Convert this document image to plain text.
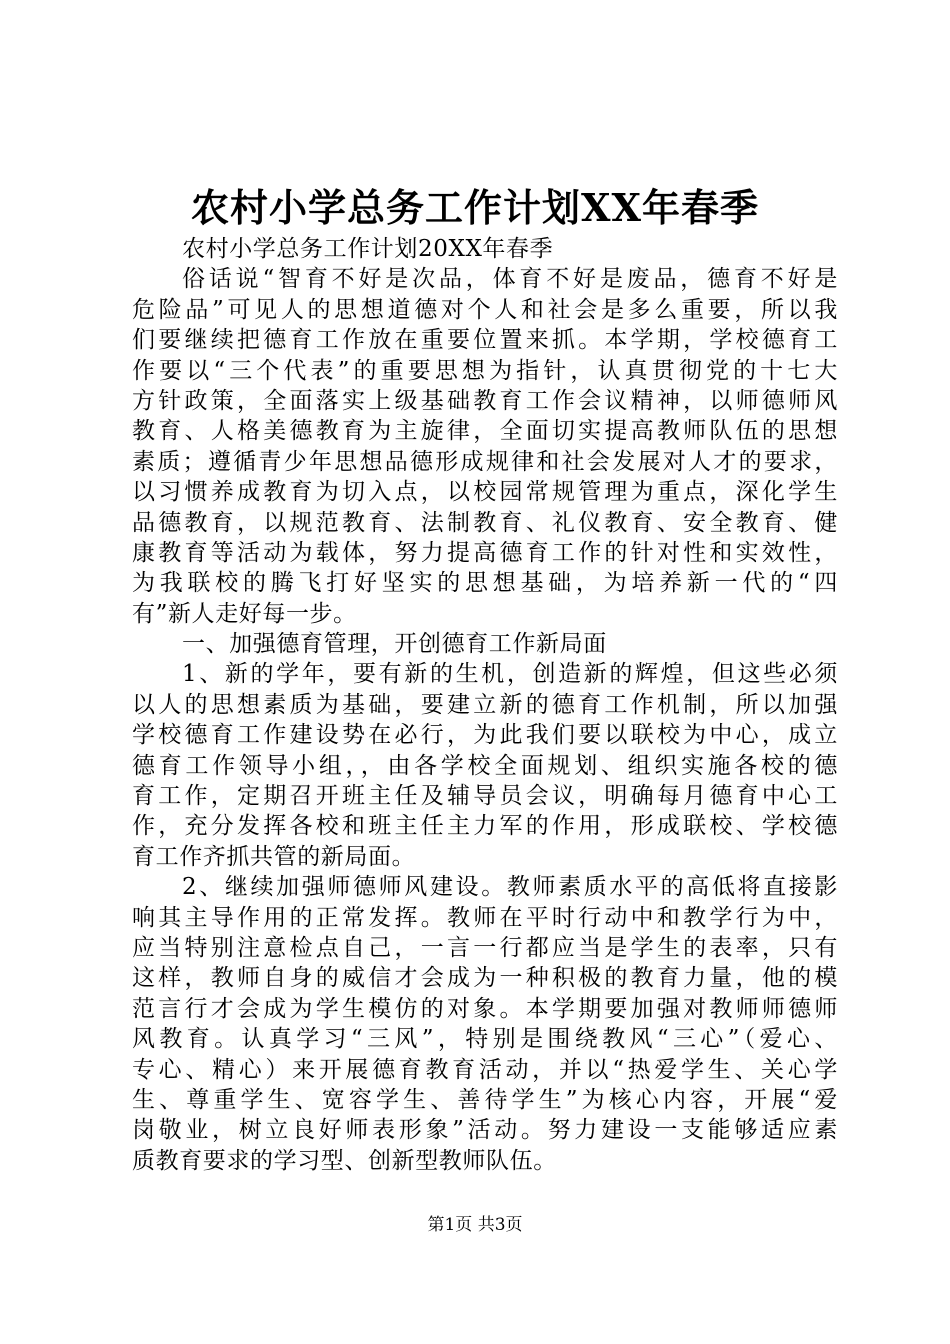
农村小学总务工作计划XX年春季
农村小学总务工作计划20XX年春季
俗话说“智育不好是次品，体育不好是废品，德育不好是
危险品”可见人的思想道德对个人和社会是多么重要，所以我
们要继续把德育工作放在重要位置来抓。本学期，学校德育工
作要以“三个代表”的重要思想为指针，认真贯彻党的十七大
方针政策，全面落实上级基础教育工作会议精神，以师德师风
教育、人格美德教育为主旋律，全面切实提高教师队伍的思想
素质；遵循青少年思想品德形成规律和社会发展对人才的要求，
以习惯养成教育为切入点，以校园常规管理为重点，深化学生
品德教育，以规范教育、法制教育、礼仪教育、安全教育、健
康教育等活动为载体，努力提高德育工作的针对性和实效性，
为我联校的腾飞打好坚实的思想基础，为培养新一代的“四
有”新人走好每一步。
一、加强德育管理，开创德育工作新局面
1、新的学年，要有新的生机，创造新的辉煌，但这些必须
以人的思想素质为基础，要建立新的德育工作机制，所以加强
学校德育工作建设势在必行，为此我们要以联校为中心，成立
德育工作领导小组，，由各学校全面规划、组织实施各校的德
育工作，定期召开班主任及辅导员会议，明确每月德育中心工
作，充分发挥各校和班主任主力军的作用，形成联校、学校德
育工作齐抓共管的新局面。
2、继续加强师德师风建设。教师素质水平的高低将直接影
响其主导作用的正常发挥。教师在平时行动中和教学行为中，
应当特别注意检点自己，一言一行都应当是学生的表率，只有
这样，教师自身的威信才会成为一种积极的教育力量，他的模
范言行才会成为学生模仿的对象。本学期要加强对教师师德师
风教育。认真学习“三风”，特别是围绕教风“三心”（爱心、
专心、精心）来开展德育教育活动，并以“热爱学生、关心学
生、尊重学生、宽容学生、善待学生”为核心内容，开展“爱
岗敬业，树立良好师表形象”活动。努力建设一支能够适应素
质教育要求的学习型、创新型教师队伍。
第1页 共3页
